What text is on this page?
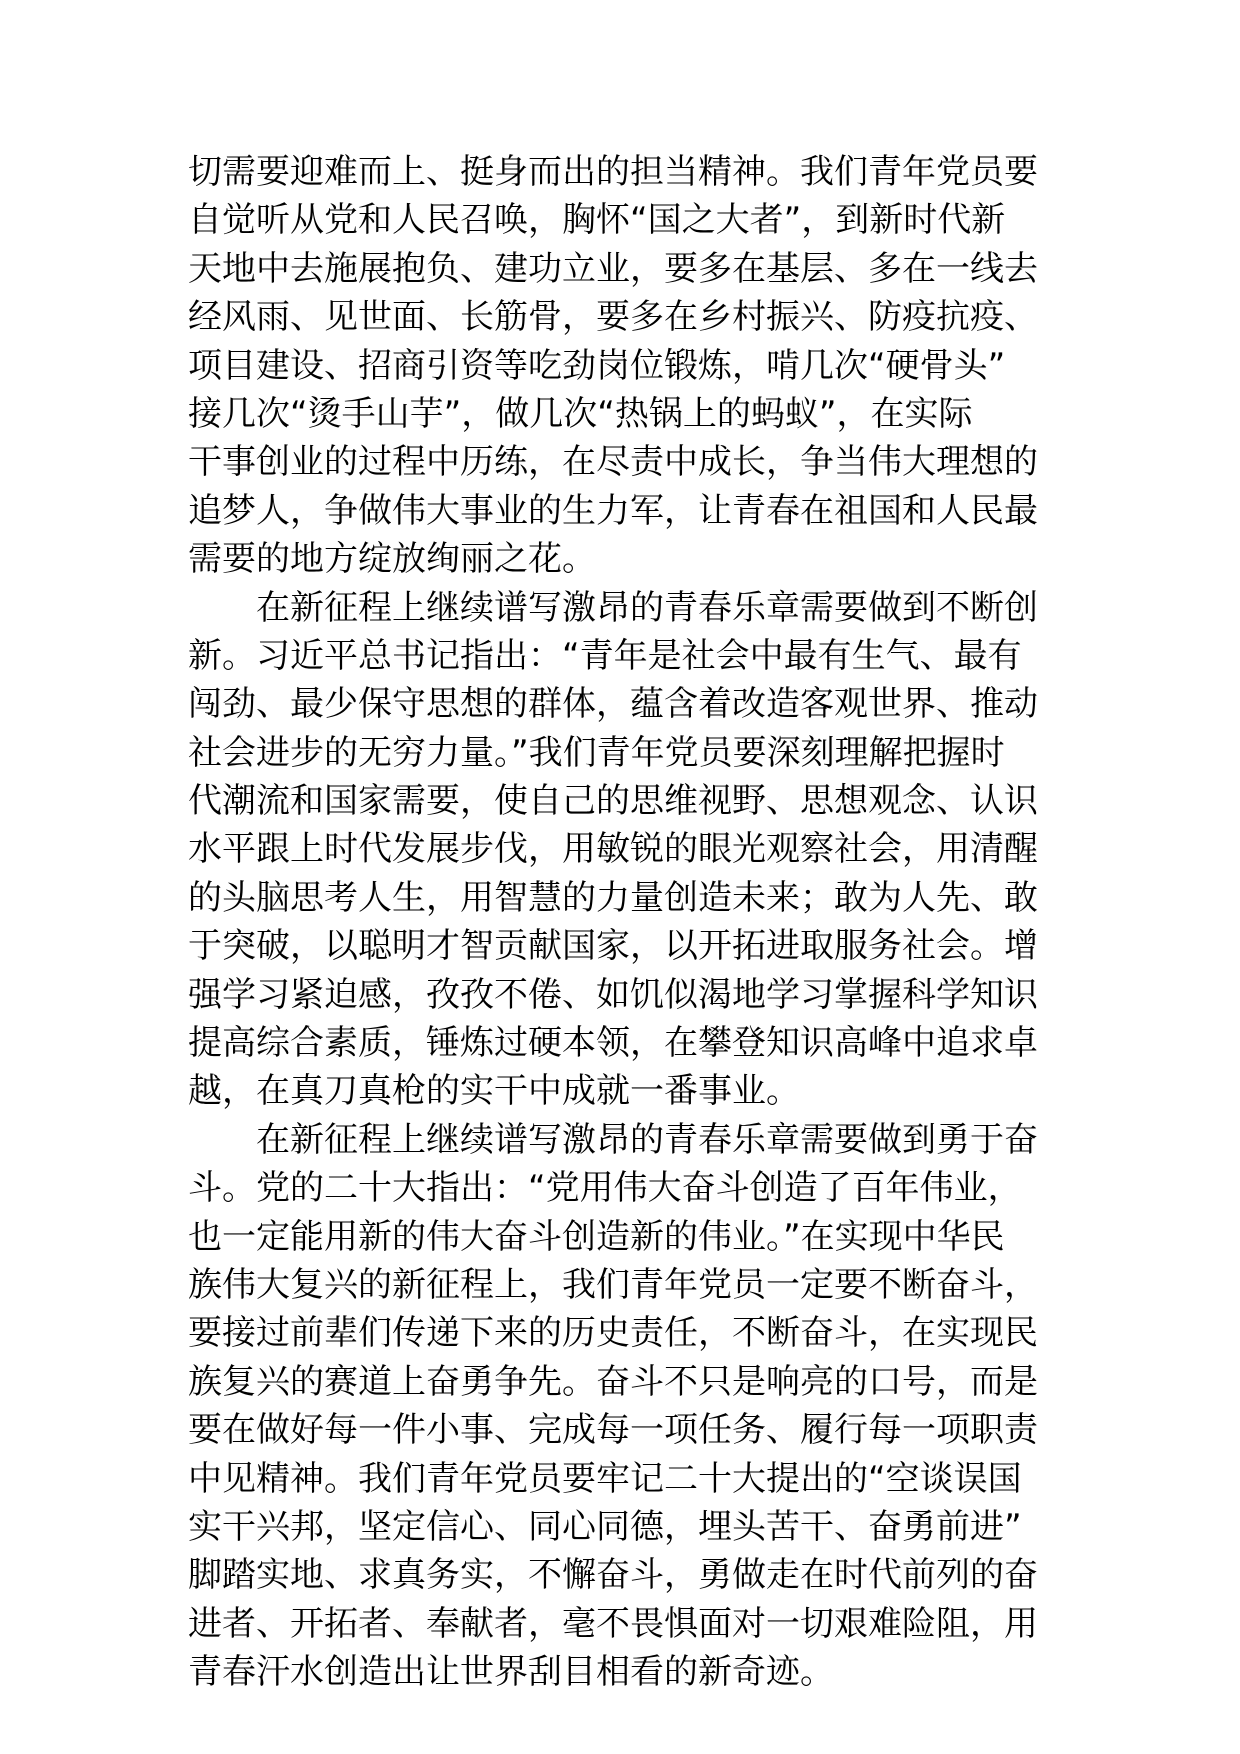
切需要迎难而上、挺身而出的担当精神。我们青年党员要
自觉听从党和人民召唤，胸怀“国之大者”，到新时代新
天地中去施展抱负、建功立业，要多在基层、多在一线去
经风雨、见世面、长筋骨，要多在乡村振兴、防疫抗疫、
项目建设、招商引资等吃劲岗位锻炼，啃几次“硬骨头”
接几次“烫手山芋”，做几次“热锅上的蚂蚁”，在实际
干事创业的过程中历练，在尽责中成长，争当伟大理想的
追梦人，争做伟大事业的生力军，让青春在祖国和人民最
需要的地方绽放绚丽之花。

在新征程上继续谱写激昂的青春乐章需要做到不断创
新。习近平总书记指出：“青年是社会中最有生气、最有
闯劲、最少保守思想的群体，蕴含着改造客观世界、推动
社会进步的无穷力量。”我们青年党员要深刻理解把握时
代潮流和国家需要，使自己的思维视野、思想观念、认识
水平跟上时代发展步伐，用敏锐的眼光观察社会，用清醒
的头脑思考人生，用智慧的力量创造未来；敢为人先、敢
于突破，以聪明才智贡献国家，以开拓进取服务社会。增
强学习紧迫感，孜孜不倦、如饥似渴地学习掌握科学知识
提高综合素质，锤炼过硬本领，在攀登知识高峰中追求卓
越，在真刀真枪的实干中成就一番事业。

在新征程上继续谱写激昂的青春乐章需要做到勇于奋
斗。党的二十大指出：“党用伟大奋斗创造了百年伟业，
也一定能用新的伟大奋斗创造新的伟业。”在实现中华民
族伟大复兴的新征程上，我们青年党员一定要不断奋斗，
要接过前辈们传递下来的历史责任，不断奋斗，在实现民
族复兴的赛道上奋勇争先。奋斗不只是响亮的口号，而是
要在做好每一件小事、完成每一项任务、履行每一项职责
中见精神。我们青年党员要牢记二十大提出的“空谈误国
实干兴邦，坚定信心、同心同德，埋头苦干、奋勇前进”
脚踏实地、求真务实，不懈奋斗，勇做走在时代前列的奋
进者、开拓者、奉献者，毫不畏惧面对一切艰难险阻，用
青春汗水创造出让世界刮目相看的新奇迹。
